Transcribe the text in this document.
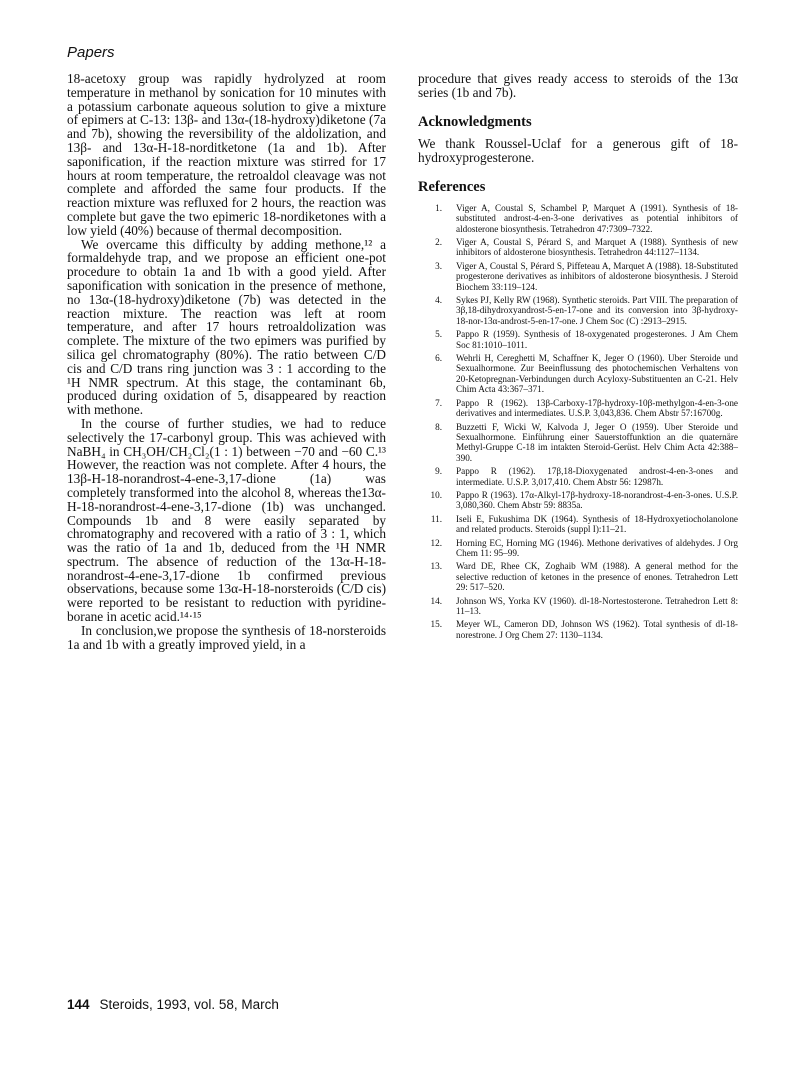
Papers

18-acetoxy group was rapidly hydrolyzed at room temperature in methanol by sonication for 10 minutes with a potassium carbonate aqueous solution to give a mixture of epimers at C-13: 13β- and 13α-(18-hydroxy)diketone (7a and 7b), showing the reversibility of the aldolization, and 13β- and 13α-H-18-norditketone (1a and 1b). After saponification, if the reaction mixture was stirred for 17 hours at room temperature, the retroaldol cleavage was not complete and afforded the same four products. If the reaction mixture was refluxed for 2 hours, the reaction was complete but gave the two epimeric 18-nordiketones with a low yield (40%) because of thermal decomposition.

We overcame this difficulty by adding methone,¹² a formaldehyde trap, and we propose an efficient one-pot procedure to obtain 1a and 1b with a good yield. After saponification with sonication in the presence of methone, no 13α-(18-hydroxy)diketone (7b) was detected in the reaction mixture. The reaction was left at room temperature, and after 17 hours retroaldolization was complete. The mixture of the two epimers was purified by silica gel chromatography (80%). The ratio between C/D cis and C/D trans ring junction was 3 : 1 according to the ¹H NMR spectrum. At this stage, the contaminant 6b, produced during oxidation of 5, disappeared by reaction with methone.

In the course of further studies, we had to reduce selectively the 17-carbonyl group. This was achieved with NaBH₄ in CH₃OH/CH₂Cl₂(1 : 1) between −70 and −60 C.¹³ However, the reaction was not complete. After 4 hours, the 13β-H-18-norandrost-4-ene-3,17-dione (1a) was completely transformed into the alcohol 8, whereas the13α-H-18-norandrost-4-ene-3,17-dione (1b) was unchanged. Compounds 1b and 8 were easily separated by chromatography and recovered with a ratio of 3 : 1, which was the ratio of 1a and 1b, deduced from the ¹H NMR spectrum. The absence of reduction of the 13α-H-18-norandrost-4-ene-3,17-dione 1b confirmed previous observations, because some 13α-H-18-norsteroids (C/D cis) were reported to be resistant to reduction with pyridine-borane in acetic acid.¹⁴·¹⁵

In conclusion,we propose the synthesis of 18-norsteroids 1a and 1b with a greatly improved yield, in a

procedure that gives ready access to steroids of the 13α series (1b and 7b).

Acknowledgments

We thank Roussel-Uclaf for a generous gift of 18-hydroxyprogesterone.

References
1.	Viger A, Coustal S, Schambel P, Marquet A (1991). Synthesis of 18-substituted androst-4-en-3-one derivatives as potential inhibitors of aldosterone biosynthesis. Tetrahedron 47:7309–7322.
2.	Viger A, Coustal S, Pérard S, and Marquet A (1988). Synthesis of new inhibitors of aldosterone biosynthesis. Tetrahedron 44:1127–1134.
3.	Viger A, Coustal S, Pérard S, Piffeteau A, Marquet A (1988). 18-Substituted progesterone derivatives as inhibitors of aldosterone biosynthesis. J Steroid Biochem 33:119–124.
4.	Sykes PJ, Kelly RW (1968). Synthetic steroids. Part VIII. The preparation of 3β,18-dihydroxyandrost-5-en-17-one and its conversion into 3β-hydroxy-18-nor-13α-androst-5-en-17-one. J Chem Soc (C) :2913–2915.
5.	Pappo R (1959). Synthesis of 18-oxygenated progesterones. J Am Chem Soc 81:1010–1011.
6.	Wehrli H, Cereghetti M, Schaffner K, Jeger O (1960). Uber Steroide und Sexualhormone. Zur Beeinflussung des photochemischen Verhaltens von 20-Ketopregnan-Verbindungen durch Acyloxy-Substituenten an C-21. Helv Chim Acta 43:367–371.
7.	Pappo R (1962). 13β-Carboxy-17β-hydroxy-10β-methylgon-4-en-3-one derivatives and intermediates. U.S.P. 3,043,836. Chem Abstr 57:16700g.
8.	Buzzetti F, Wicki W, Kalvoda J, Jeger O (1959). Uber Steroide und Sexualhormone. Einführung einer Sauerstoffunktion an die quaternäre Methyl-Gruppe C-18 im intakten Steroid-Gerüst. Helv Chim Acta 42:388–390.
9.	Pappo R (1962). 17β,18-Dioxygenated androst-4-en-3-ones and intermediate. U.S.P. 3,017,410. Chem Abstr 56: 12987h.
10.	Pappo R (1963). 17α-Alkyl-17β-hydroxy-18-norandrost-4-en-3-ones. U.S.P. 3,080,360. Chem Abstr 59: 8835a.
11.	Iseli E, Fukushima DK (1964). Synthesis of 18-Hydroxyetiocholanolone and related products. Steroids (suppl I):11–21.
12.	Horning EC, Horning MG (1946). Methone derivatives of aldehydes. J Org Chem 11: 95–99.
13.	Ward DE, Rhee CK, Zoghaib WM (1988). A general method for the selective reduction of ketones in the presence of enones. Tetrahedron Lett 29: 517–520.
14.	Johnson WS, Yorka KV (1960). dl-18-Nortestosterone. Tetrahedron Lett 8: 11–13.
15.	Meyer WL, Cameron DD, Johnson WS (1962). Total synthesis of dl-18-norestrone. J Org Chem 27: 1130–1134.
144 Steroids, 1993, vol. 58, March
